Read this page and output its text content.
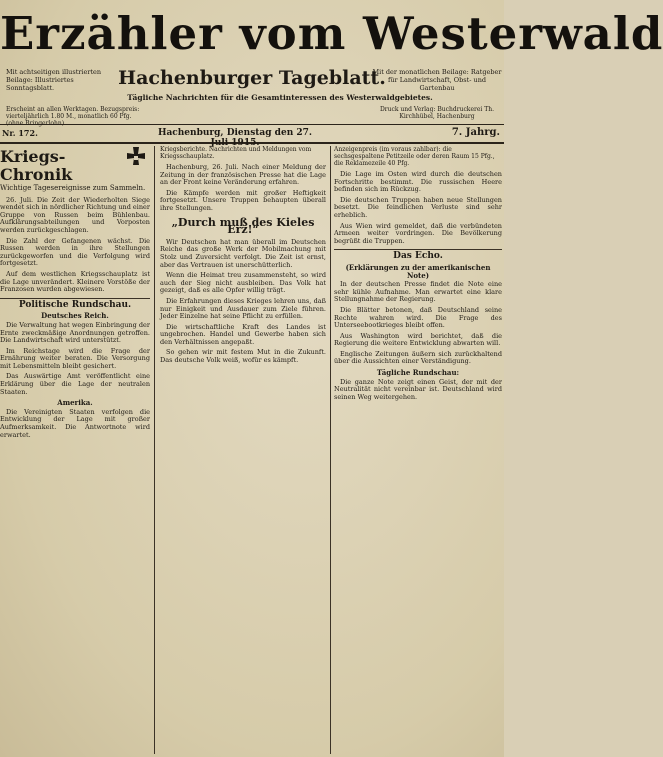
Erzähler vom Westerwald
Mit achtseitigen illustrierten Beilage: Illustriertes Sonntagsblatt.	Hachenburger Tageblatt.
Mit der monatlichen Beilage: Ratgeber für Landwirtschaft, Obst- und Gartenbau
Tägliche Nachrichten für die Gesamtinteressen des Westerwaldgebietes.
Erscheint an allen Werktagen. Bezugspreis: vierteljährlich 1.80 M., monatlich 60 Pfg. (ohne Bringerlohn).
Druck und Verlag: Buchdruckerei Th. Kirchhübel, Hachenburg
Nr. 172.	Hachenburg, Dienstag den 27. Juli 1915.
7. Jahrg.
Kriegs- Chronik
Wichtige Tagesereignisse zum Sammeln.

26. Juli. Die Zeit der Wiederholten Siege wendet sich in nördlicher Richtung und einer Gruppe von Russen beim Bühlenbau. Aufklärungsabteilungen und Vorposten werden zurückgeschlagen.

Die Zahl der Gefangenen wächst. Die Russen werden in ihre Stellungen zurückgeworfen und die Verfolgung wird fortgesetzt.

Auf dem westlichen Kriegsschauplatz ist die Lage unverändert. Kleinere Vorstöße der Franzosen wurden abgewiesen.

Politische Rundschau.
Deutsches Reich.

Die Verwaltung hat wegen Einbringung der Ernte zweckmäßige Anordnungen getroffen. Die Landwirtschaft wird unterstützt.

Im Reichstage wird die Frage der Ernährung weiter beraten. Die Versorgung mit Lebensmitteln bleibt gesichert.

Das Auswärtige Amt veröffentlicht eine Erklärung über die Lage der neutralen Staaten.

Amerika.

Die Vereinigten Staaten verfolgen die Entwicklung der Lage mit großer Aufmerksamkeit. Die Antwortnote wird erwartet.

Kriegsberichte. Nachrichten und Meldungen vom Kriegsschauplatz.

Hachenburg, 26. Juli. Nach einer Meldung der Zeitung in der französischen Presse hat die Lage an der Front keine Veränderung erfahren.

Die Kämpfe werden mit großer Heftigkeit fortgesetzt. Unsere Truppen behaupten überall ihre Stellungen.

„Durch muß des Kieles Erz!“

Wir Deutschen hat man überall im Deutschen Reiche das große Werk der Mobilmachung mit Stolz und Zuversicht verfolgt. Die Zeit ist ernst, aber das Vertrauen ist unerschütterlich.

Wenn die Heimat treu zusammensteht, so wird auch der Sieg nicht ausbleiben. Das Volk hat gezeigt, daß es alle Opfer willig trägt.

Die Erfahrungen dieses Krieges lehren uns, daß nur Einigkeit und Ausdauer zum Ziele führen. Jeder Einzelne hat seine Pflicht zu erfüllen.

Die wirtschaftliche Kraft des Landes ist ungebrochen. Handel und Gewerbe haben sich den Verhältnissen angepaßt.

So gehen wir mit festem Mut in die Zukunft. Das deutsche Volk weiß, wofür es kämpft.

Anzeigenpreis (im voraus zahlbar): die sechsgespaltene Petitzeile oder deren Raum 15 Pfg., die Reklamezeile 40 Pfg.

Die Lage im Osten wird durch die deutschen Fortschritte bestimmt. Die russischen Heere befinden sich im Rückzug.

Die deutschen Truppen haben neue Stellungen besetzt. Die feindlichen Verluste sind sehr erheblich.

Aus Wien wird gemeldet, daß die verbündeten Armeen weiter vordringen. Die Bevölkerung begrüßt die Truppen.

Das Echo.
(Erklärungen zu der amerikanischen Note)

In der deutschen Presse findet die Note eine sehr kühle Aufnahme. Man erwartet eine klare Stellungnahme der Regierung.

Die Blätter betonen, daß Deutschland seine Rechte wahren wird. Die Frage des Unterseebootkrieges bleibt offen.

Aus Washington wird berichtet, daß die Regierung die weitere Entwicklung abwarten will.

Englische Zeitungen äußern sich zurückhaltend über die Aussichten einer Verständigung.

Tägliche Rundschau:

Die ganze Note zeigt einen Geist, der mit der Neutralität nicht vereinbar ist. Deutschland wird seinen Weg weitergehen.
